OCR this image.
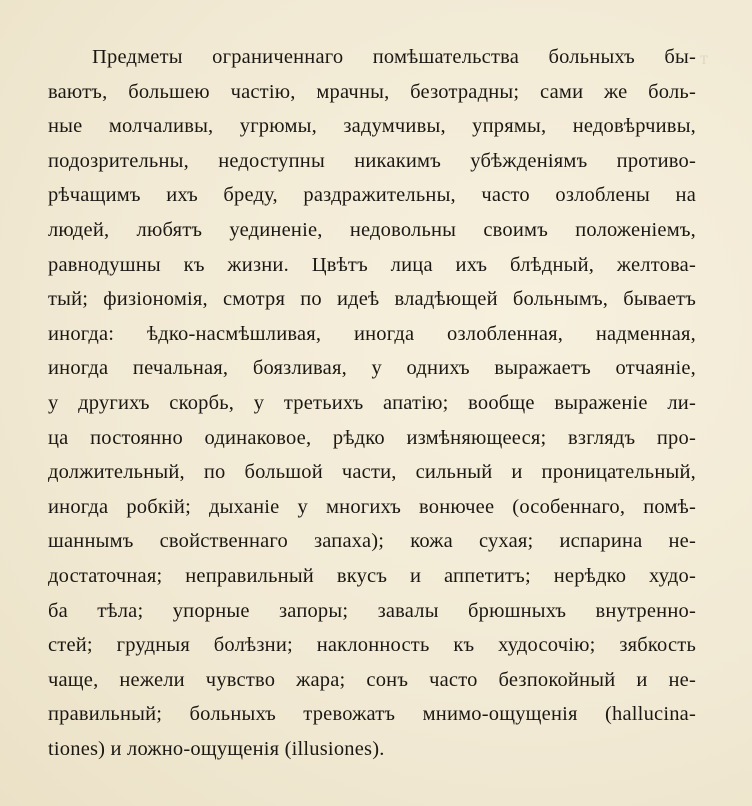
т
Предметы ограниченнаго помѣшательства больныхъ бы-
ваютъ, большею частію, мрачны, безотрадны; сами же боль-
ные молчаливы, угрюмы, задумчивы, упрямы, недовѣрчивы,
подозрительны, недоступны никакимъ убѣжденіямъ противо-
рѣчащимъ ихъ бреду, раздражительны, часто озлоблены на
людей, любятъ уединеніе, недовольны своимъ положеніемъ,
равнодушны къ жизни. Цвѣтъ лица ихъ блѣдный, желтова-
тый; физіономія, смотря по идеѣ владѣющей больнымъ, бываетъ
иногда: ѣдко-насмѣшливая, иногда озлобленная, надменная,
иногда печальная, боязливая, у однихъ выражаетъ отчаяніе,
у другихъ скорбь, у третьихъ апатію; вообще выраженіе ли-
ца постоянно одинаковое, рѣдко измѣняющееся; взглядъ про-
должительный, по большой части, сильный и проницательный,
иногда робкій; дыханіе у многихъ вонючее (особеннаго, помѣ-
шаннымъ свойственнаго запаха); кожа сухая; испарина не-
достаточная; неправильный вкусъ и аппетитъ; нерѣдко худо-
ба тѣла; упорные запоры; завалы брюшныхъ внутренно-
стей; грудныя болѣзни; наклонность къ худосочію; зябкость
чаще, нежели чувство жара; сонъ часто безпокойный и не-
правильный; больныхъ тревожатъ мнимо-ощущенія (hallucina-
tiones) и ложно-ощущенія (illusiones).
